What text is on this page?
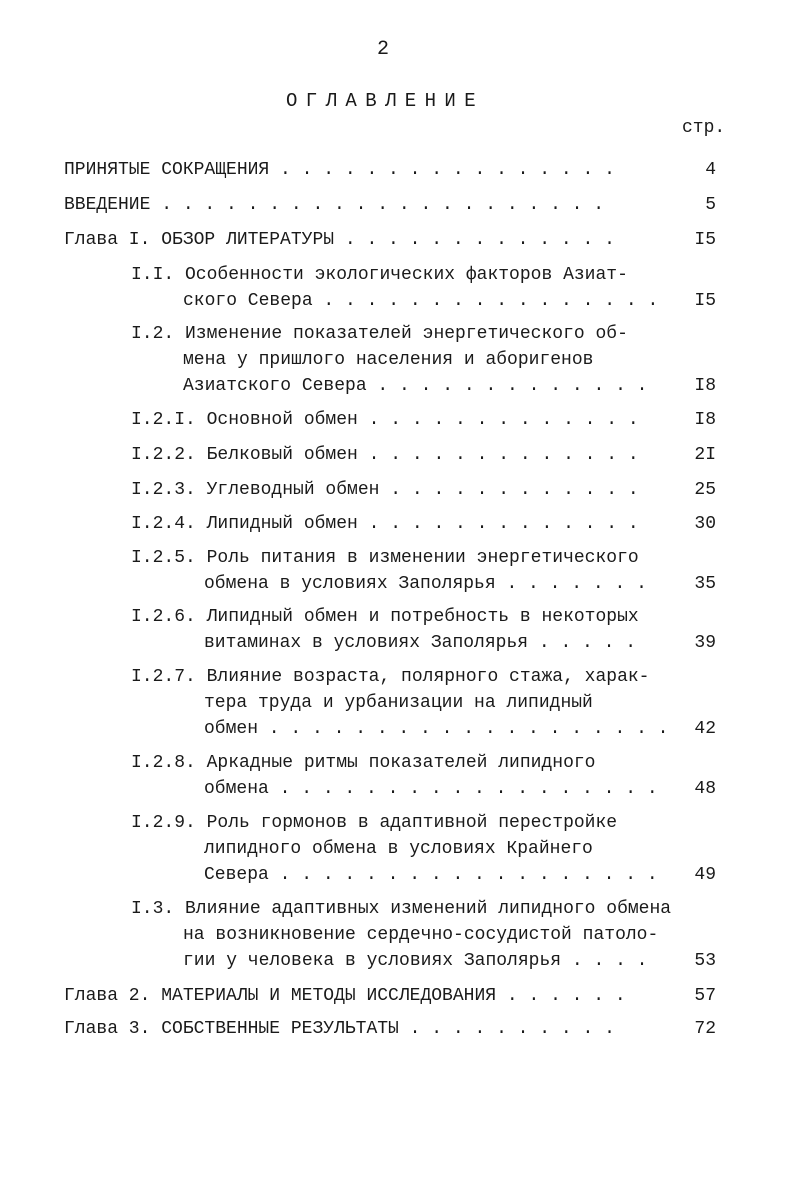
2
ОГЛАВЛЕНИЕ
стр.
ПРИНЯТЫЕ СОКРАЩЕНИЯ . . . . . . . . . . . . . . . .	4
ВВЕДЕНИЕ . . . . . . . . . . . . . . . . . . . . .	5
Глава I. ОБЗОР ЛИТЕРАТУРЫ . . . . . . . . . . . . .	I5
I.I. Особенности экологических факторов Азиат-
ского Севера . . . . . . . . . . . . . . . .	I5
I.2. Изменение показателей энергетического об-
мена у пришлого населения и аборигенов
Азиатского Севера . . . . . . . . . . . . .	I8
I.2.I. Основной обмен . . . . . . . . . . . . .	I8
I.2.2. Белковый обмен . . . . . . . . . . . . .	2I
I.2.3. Углеводный обмен . . . . . . . . . . . .	25
I.2.4. Липидный обмен . . . . . . . . . . . . .	30
I.2.5. Роль питания в изменении энергетического
обмена в условиях Заполярья . . . . . . .	35
I.2.6. Липидный обмен и потребность в некоторых
витаминах в условиях Заполярья . . . . .	39
I.2.7. Влияние возраста, полярного стажа, харак-
тера труда и урбанизации на липидный
обмен . . . . . . . . . . . . . . . . . . .	42
I.2.8. Аркадные ритмы показателей липидного
обмена . . . . . . . . . . . . . . . . . .	48
I.2.9. Роль гормонов в адаптивной перестройке
липидного обмена в условиях Крайнего
Севера . . . . . . . . . . . . . . . . . .	49
I.3. Влияние адаптивных изменений липидного обмена
на возникновение сердечно-сосудистой патоло-
гии у человека в условиях Заполярья . . . .	53
Глава 2. МАТЕРИАЛЫ И МЕТОДЫ ИССЛЕДОВАНИЯ . . . . . .	57
Глава 3. СОБСТВЕННЫЕ РЕЗУЛЬТАТЫ . . . . . . . . . .	72
